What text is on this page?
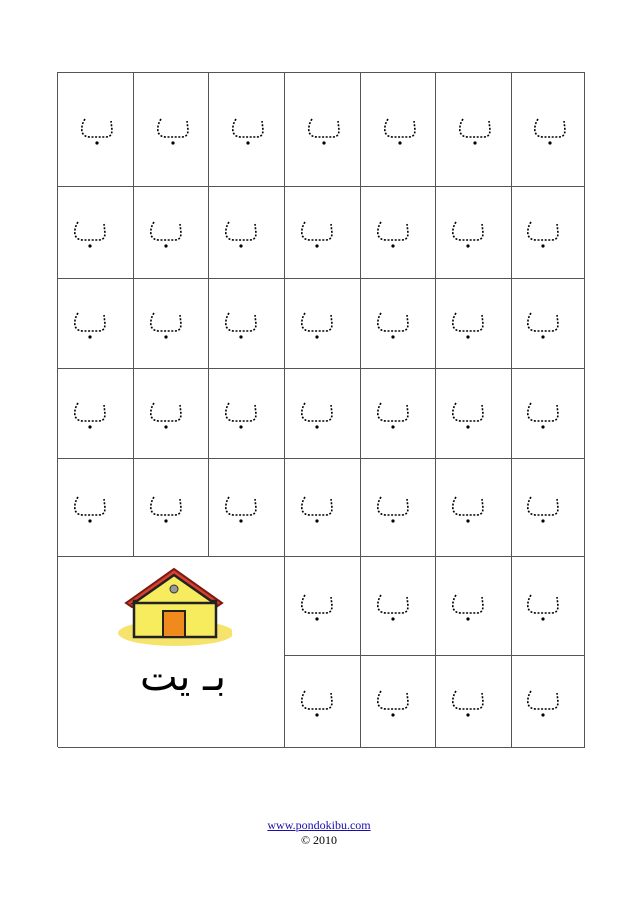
بـ يت
www.pondokibu.com
© 2010
